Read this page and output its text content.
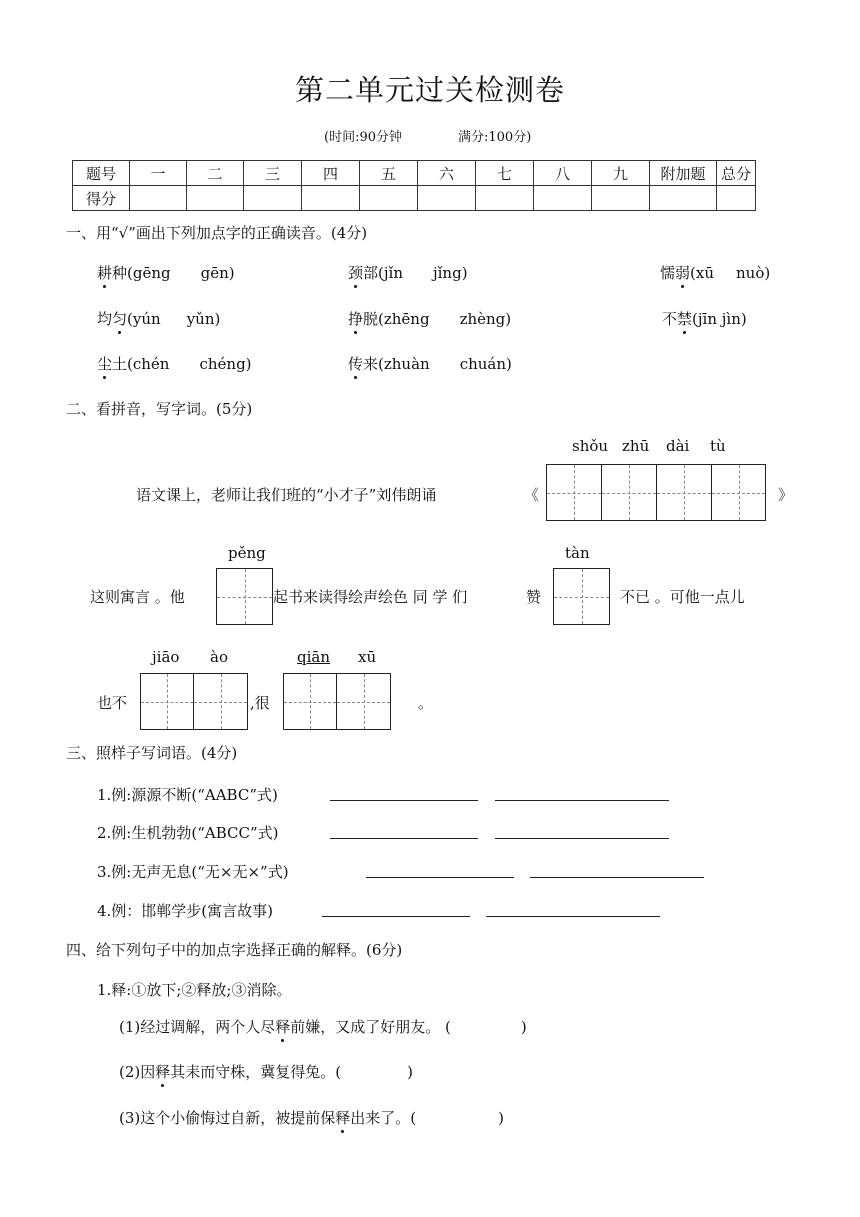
第二单元过关检测卷
(时间:90分钟	满分:100分)
题号	一	二	三	四	五	六	七	八	九	附加题	总分
得分											
一、用“√”画出下列加点字的正确读音。(4分)
耕种(gēng gēn)	颈部(jǐn jǐng)	懦弱(xū nuò)
均匀(yún yǔn)	挣脱(zhēng zhèng)	不禁(jīn jìn)
尘土(chén chéng)	传来(zhuàn chuán)
二、看拼音，写字词。(5分)
shǒu zhū dài tù
语文课上，老师让我们班的“小才子”刘伟朗诵	《	》
pěng	tàn
这则寓言 。他	起书来读得绘声绘色 同 学 们	赞	不已 。可他一点儿
jiāo ào	qiān xū
也不	,很	。
三、照样子写词语。(4分)
1.例:源源不断(“AABC”式)
2.例:生机勃勃(“ABCC”式)
3.例:无声无息(“无×无×”式)
4.例：邯郸学步(寓言故事)
四、给下列句子中的加点字选择正确的解释。(6分)
1.释:①放下;②释放;③消除。
(1)经过调解，两个人尽释前嫌，又成了好朋友。 (	)
(2)因释其耒而守株，冀复得兔。(	)
(3)这个小偷悔过自新，被提前保释出来了。(	)
